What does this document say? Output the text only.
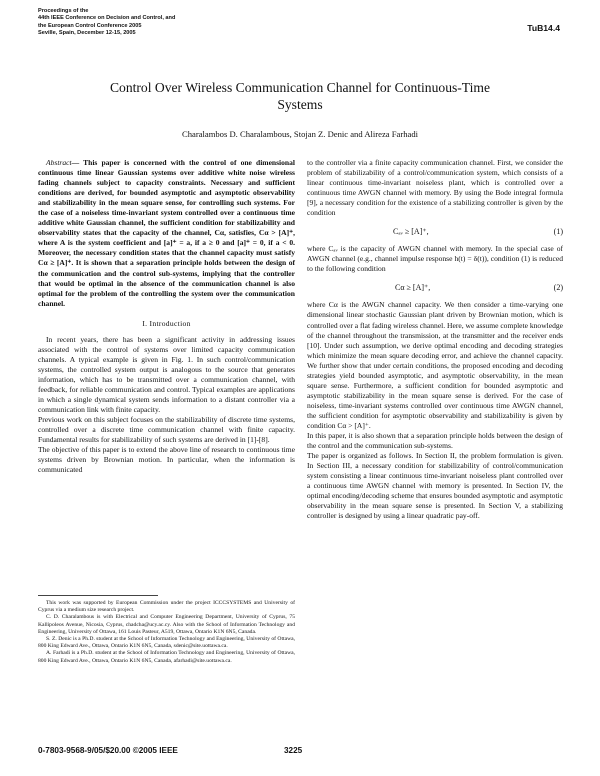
Proceedings of the
44th IEEE Conference on Decision and Control, and
the European Control Conference 2005
Seville, Spain, December 12-15, 2005
TuB14.4
Control Over Wireless Communication Channel for Continuous-Time
Systems
Charalambos D. Charalambous, Stojan Z. Denic and Alireza Farhadi

Abstract— This paper is concerned with the control of one dimensional continuous time linear Gaussian systems over additive white noise wireless fading channels subject to capacity constraints. Necessary and sufficient conditions are derived, for bounded asymptotic and asymptotic observability and stabilizability in the mean square sense, for controlling such systems. For the case of a noiseless time-invariant system controlled over a continuous time additive white Gaussian channel, the sufficient condition for stabilizability and observability states that the capacity of the channel, Cα, satisfies, Cα > [A]⁺, where A is the system coefficient and [a]⁺ = a, if a ≥ 0 and [a]⁺ = 0, if a < 0. Moreover, the necessary condition states that the channel capacity must satisfy Cα ≥ [A]⁺. It is shown that a separation principle holds between the design of the communication and the control sub-systems, implying that the controller that would be optimal in the absence of the communication channel is also optimal for the problem of the controlling the system over the communication channel.

I. Introduction

In recent years, there has been a significant activity in addressing issues associated with the control of systems over limited capacity communication channels. A typical example is given in Fig. 1. In such control/communication systems, the controlled system output is analogous to the source that generates information, which has to be transmitted over a communication channel, with feedback, for reliable communication and control. Typical examples are applications in which a single dynamical system sends information to a distant controller via a communication link with finite capacity.

Previous work on this subject focuses on the stabilizability of discrete time systems, controlled over a discrete time communication channel with finite capacity. Fundamental results for stabilizability of such systems are derived in [1]-[8].

The objective of this paper is to extend the above line of research to continuous time systems driven by Brownian motion. In particular, when the information is communicated

This work was supported by European Commission under the project ICCCSYSTEMS and University of Cyprus via a medium size research project.

C. D. Charalambous is with Electrical and Computer Engineering Department, University of Cyprus, 75 Kallipoleos Avenue, Nicosia, Cyprus, chadcha@ucy.ac.cy. Also with the School of Information Technology and Engineering, University of Ottawa, 161 Louis Pasteur, A519, Ottawa, Ontario K1N 6N5, Canada.

S. Z. Denic is a Ph.D. student at the School of Information Technology and Engineering, University of Ottawa, 800 King Edward Ave., Ottawa, Ontario K1N 6N5, Canada, sdenic@site.uottawa.ca.

A. Farhadi is a Ph.D. student at the School of Information Technology and Engineering, University of Ottawa, 800 King Edward Ave., Ottawa, Ontario K1N 6N5, Canada, afarhadi@site.uottawa.ca.

to the controller via a finite capacity communication channel. First, we consider the problem of stabilizability of a control/communication system, which consists of a linear continuous time-invariant noiseless plant, which is controlled over a continuous time AWGN channel with memory. By using the Bode integral formula [9], a necessary condition for the existence of a stabilizing controller is given by the condition

Cₐᵥ ≥ [A]⁺,	(1)

where Cₐᵥ is the capacity of AWGN channel with memory. In the special case of AWGN channel (e.g., channel impulse response h(t) = δ(t)), condition (1) is reduced to the following condition

Cα ≥ [A]⁺,	(2)

where Cα is the AWGN channel capacity. We then consider a time-varying one dimensional linear stochastic Gaussian plant driven by Brownian motion, which is controlled over a flat fading wireless channel. Here, we assume complete knowledge of the channel throughout the transmission, at the transmitter and the receiver ends [10]. Under such assumption, we derive optimal encoding and decoding strategies which minimize the mean square decoding error, and achieve the channel capacity. We further show that under certain conditions, the proposed encoding and decoding strategies yield bounded asymptotic, and asymptotic observability, in the mean square sense. Furthermore, a sufficient condition for bounded asymptotic and asymptotic stabilizability in the mean square sense is derived. For the case of noiseless, time-invariant systems controlled over continuous time AWGN channel, the sufficient condition for asymptotic observability and stabilizability is given by condition Cα > [A]⁺.

In this paper, it is also shown that a separation principle holds between the design of the control and the communication sub-systems.

The paper is organized as follows. In Section II, the problem formulation is given. In Section III, a necessary condition for stabilizability of control/communication system consisting a linear continuous time-invariant noiseless plant controlled over a continuous time AWGN channel with memory is presented. In Section IV, the optimal encoding/decoding scheme that ensures bounded asymptotic and asymptotic observability in the mean square sense is presented. In Section V, a stabilizing controller is designed by using a linear quadratic pay-off.

0-7803-9568-9/05/$20.00 ©2005 IEEE	3225
